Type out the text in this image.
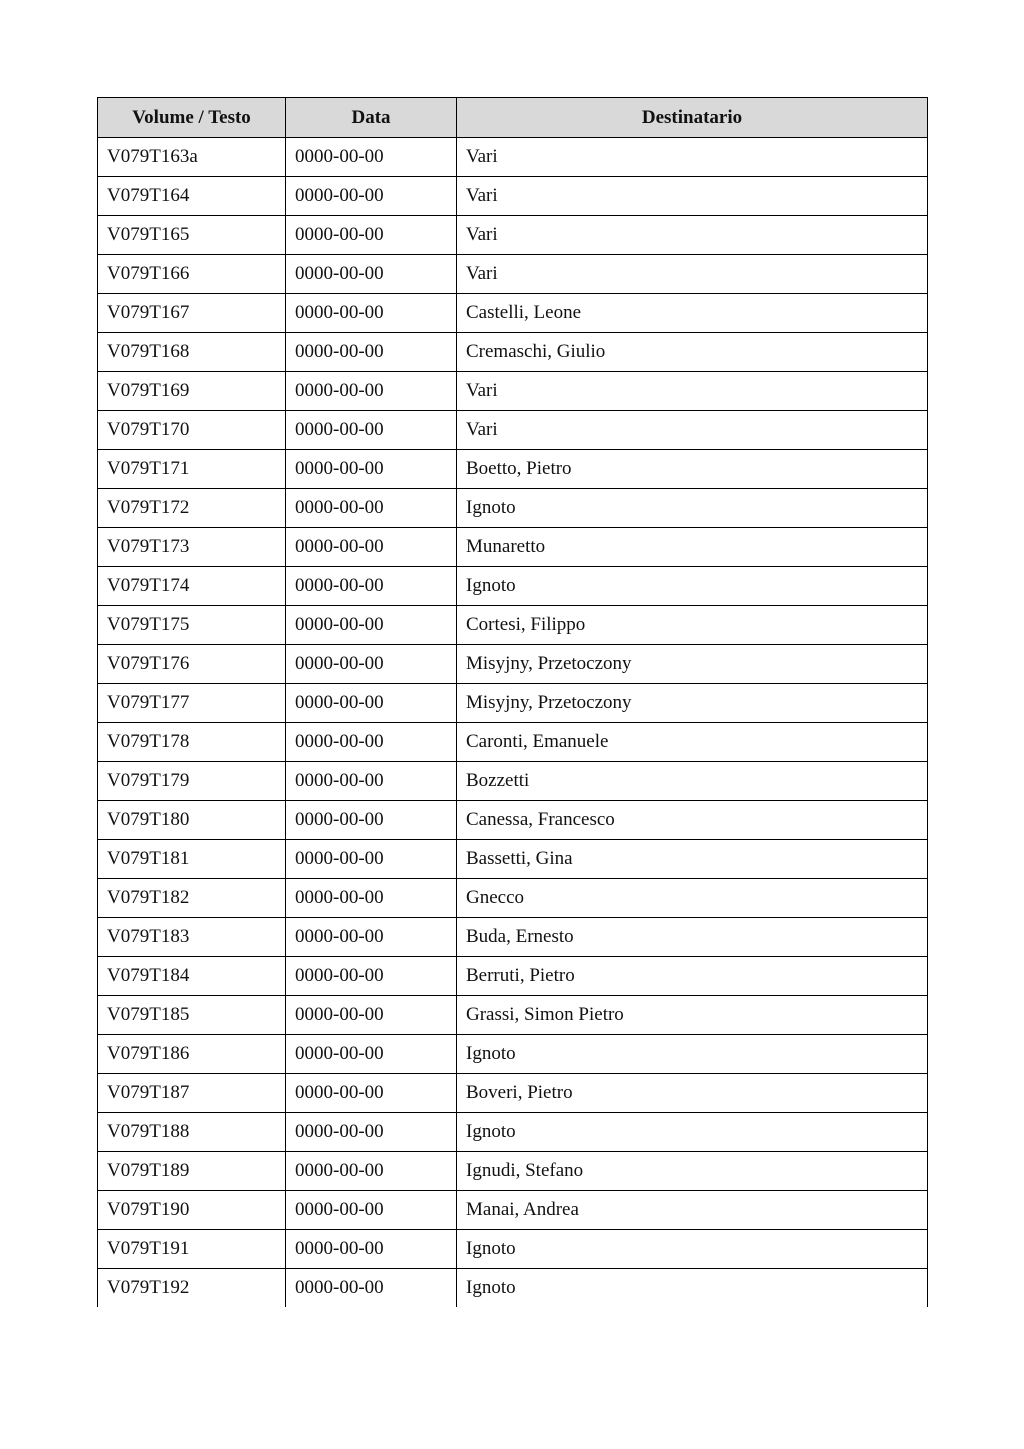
Volume / Testo	Data	Destinatario
V079T163a	0000-00-00	Vari
V079T164	0000-00-00	Vari
V079T165	0000-00-00	Vari
V079T166	0000-00-00	Vari
V079T167	0000-00-00	Castelli, Leone
V079T168	0000-00-00	Cremaschi, Giulio
V079T169	0000-00-00	Vari
V079T170	0000-00-00	Vari
V079T171	0000-00-00	Boetto, Pietro
V079T172	0000-00-00	Ignoto
V079T173	0000-00-00	Munaretto
V079T174	0000-00-00	Ignoto
V079T175	0000-00-00	Cortesi, Filippo
V079T176	0000-00-00	Misyjny, Przetoczony
V079T177	0000-00-00	Misyjny, Przetoczony
V079T178	0000-00-00	Caronti, Emanuele
V079T179	0000-00-00	Bozzetti
V079T180	0000-00-00	Canessa, Francesco
V079T181	0000-00-00	Bassetti, Gina
V079T182	0000-00-00	Gnecco
V079T183	0000-00-00	Buda, Ernesto
V079T184	0000-00-00	Berruti, Pietro
V079T185	0000-00-00	Grassi, Simon Pietro
V079T186	0000-00-00	Ignoto
V079T187	0000-00-00	Boveri, Pietro
V079T188	0000-00-00	Ignoto
V079T189	0000-00-00	Ignudi, Stefano
V079T190	0000-00-00	Manai, Andrea
V079T191	0000-00-00	Ignoto
V079T192	0000-00-00	Ignoto
